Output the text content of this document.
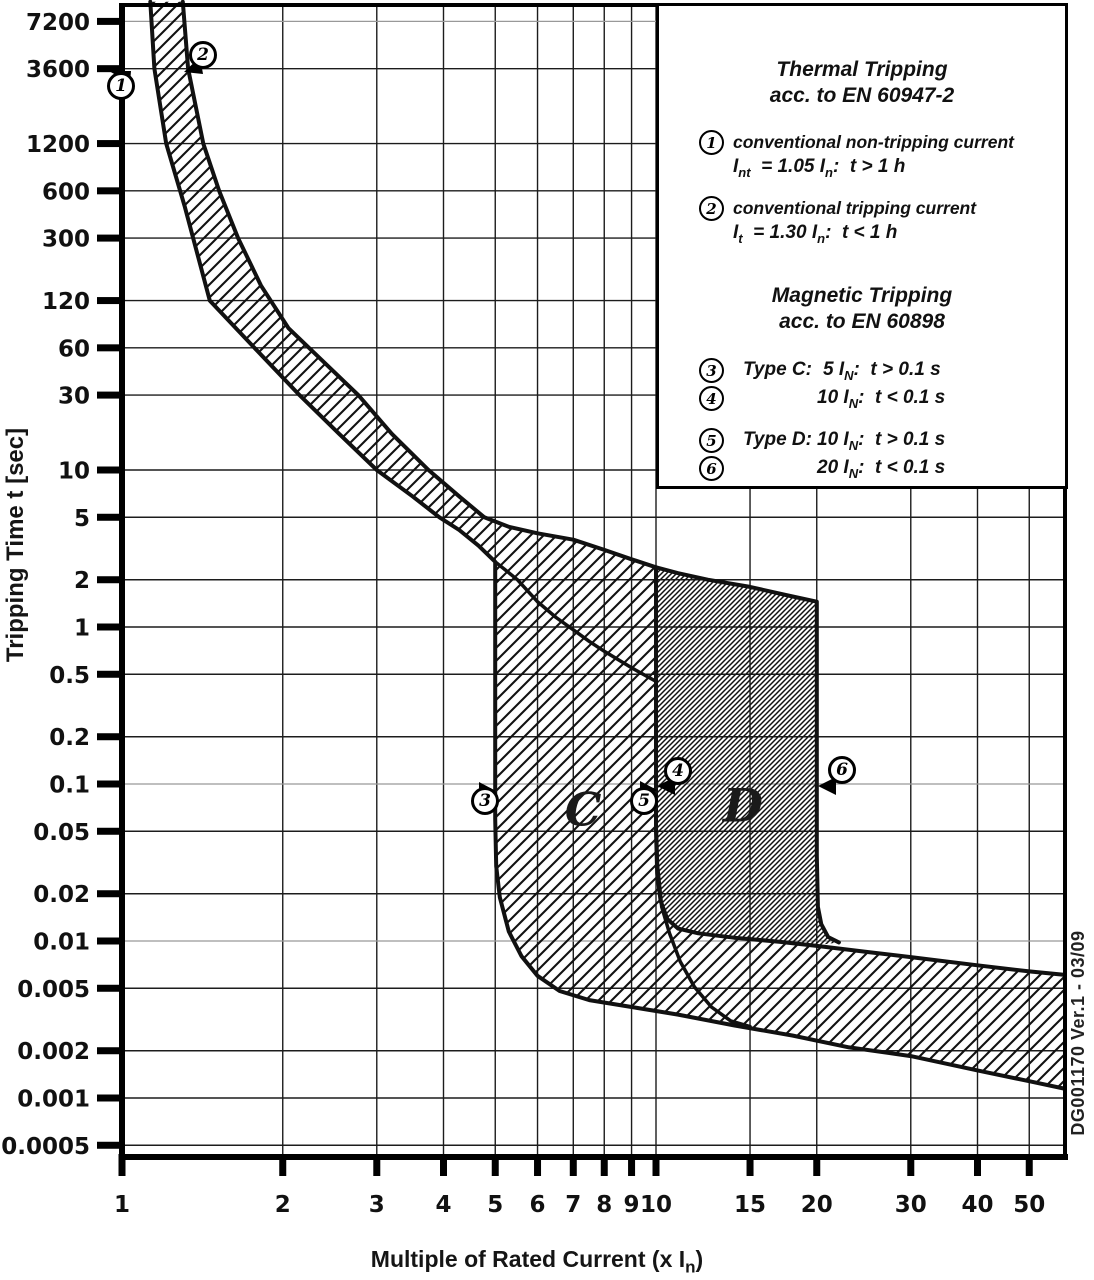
7200
3600
1200
600
300
120
60
30
10
5
2
1
0.5
0.2
0.1
0.05
0.02
0.01
0.005
0.002
0.001
0.0005
1	2	3 4 5 6 7 8 9 10	15 20	30 40 50
Tripping Time t [sec]
Multiple of Rated Current (x $I_n$)
DG001170 Ver.1 - 03/09
Thermal Tripping
acc. to EN 60947-2
1 conventional non-tripping current
$I_{nt} = 1.05$ $I_n$:  t > 1 h
2 conventional tripping current
$I_t = 1.30$ $I_n$:  t < 1 h
Magnetic Tripping
acc. to EN 60898
3	Type C: 5 $I_N$:  t > 0.1 s
4	10 $I_N$:  t < 0.1 s
5	Type D: 10 $I_N$:  t > 0.1 s
6	20 $I_N$:  t < 0.1 s
1
2
3	5
4	6
C	D
